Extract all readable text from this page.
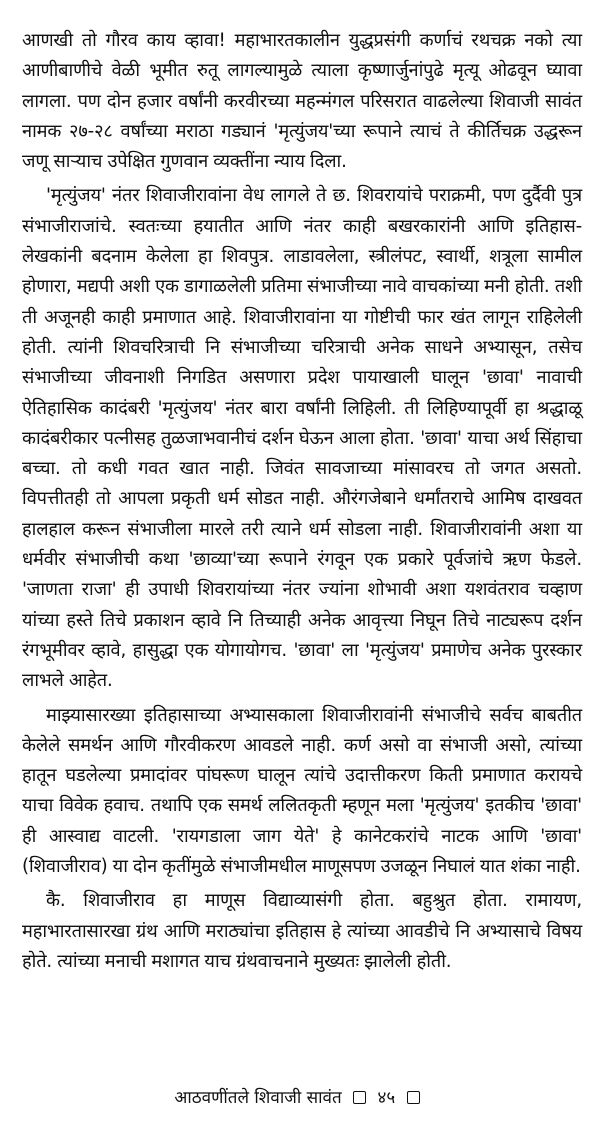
आणखी तो गौरव काय व्हावा! महाभारतकालीन युद्धप्रसंगी कर्णाचं रथचक्र नको त्या आणीबाणीचे वेळी भूमीत रुतू लागल्यामुळे त्याला कृष्णार्जुनांपुढे मृत्यू ओढवून घ्यावा लागला. पण दोन हजार वर्षांनी करवीरच्या महन्मंगल परिसरात वाढलेल्या शिवाजी सावंत नामक २७-२८ वर्षांच्या मराठा गड्यानं 'मृत्युंजय'च्या रूपाने त्याचं ते कीर्तिचक्र उद्धरून जणू साऱ्याच उपेक्षित गुणवान व्यक्तींना न्याय दिला.

'मृत्युंजय' नंतर शिवाजीरावांना वेध लागले ते छ. शिवरायांचे पराक्रमी, पण दुर्दैवी पुत्र संभाजीराजांचे. स्वतःच्या हयातीत आणि नंतर काही बखरकारांनी आणि इतिहास-लेखकांनी बदनाम केलेला हा शिवपुत्र. लाडावलेला, स्त्रीलंपट, स्वार्थी, शत्रूला सामील होणारा, मद्यपी अशी एक डागाळलेली प्रतिमा संभाजीच्या नावे वाचकांच्या मनी होती. तशी ती अजूनही काही प्रमाणात आहे. शिवाजीरावांना या गोष्टीची फार खंत लागून राहिलेली होती. त्यांनी शिवचरित्राची नि संभाजीच्या चरित्राची अनेक साधने अभ्यासून, तसेच संभाजीच्या जीवनाशी निगडित असणारा प्रदेश पायाखाली घालून 'छावा' नावाची ऐतिहासिक कादंबरी 'मृत्युंजय' नंतर बारा वर्षांनी लिहिली. ती लिहिण्यापूर्वी हा श्रद्धाळू कादंबरीकार पत्नीसह तुळजाभवानीचं दर्शन घेऊन आला होता. 'छावा' याचा अर्थ सिंहाचा बच्चा. तो कधी गवत खात नाही. जिवंत सावजाच्या मांसावरच तो जगत असतो. विपत्तीतही तो आपला प्रकृती धर्म सोडत नाही. औरंगजेबाने धर्मांतराचे आमिष दाखवत हालहाल करून संभाजीला मारले तरी त्याने धर्म सोडला नाही. शिवाजीरावांनी अशा या धर्मवीर संभाजीची कथा 'छाव्या'च्या रूपाने रंगवून एक प्रकारे पूर्वजांचे ऋण फेडले. 'जाणता राजा' ही उपाधी शिवरायांच्या नंतर ज्यांना शोभावी अशा यशवंतराव चव्हाण यांच्या हस्ते तिचे प्रकाशन व्हावे नि तिच्याही अनेक आवृत्त्या निघून तिचे नाट्यरूप दर्शन रंगभूमीवर व्हावे, हासुद्धा एक योगायोगच. 'छावा' ला 'मृत्युंजय' प्रमाणेच अनेक पुरस्कार लाभले आहेत.

माझ्यासारख्या इतिहासाच्या अभ्यासकाला शिवाजीरावांनी संभाजीचे सर्वच बाबतीत केलेले समर्थन आणि गौरवीकरण आवडले नाही. कर्ण असो वा संभाजी असो, त्यांच्या हातून घडलेल्या प्रमादांवर पांघरूण घालून त्यांचे उदात्तीकरण किती प्रमाणात करायचे याचा विवेक हवाच. तथापि एक समर्थ ललितकृती म्हणून मला 'मृत्युंजय' इतकीच 'छावा' ही आस्वाद्य वाटली. 'रायगडाला जाग येते' हे कानेटकरांचे नाटक आणि 'छावा' (शिवाजीराव) या दोन कृतींमुळे संभाजीमधील माणूसपण उजळून निघालं यात शंका नाही.

कै. शिवाजीराव हा माणूस विद्याव्यासंगी होता. बहुश्रुत होता. रामायण, महाभारतासारखा ग्रंथ आणि मराठ्यांचा इतिहास हे त्यांच्या आवडीचे नि अभ्यासाचे विषय होते. त्यांच्या मनाची मशागत याच ग्रंथवाचनाने मुख्यतः झालेली होती.

आठवणींतले शिवाजी सावंत ४५
